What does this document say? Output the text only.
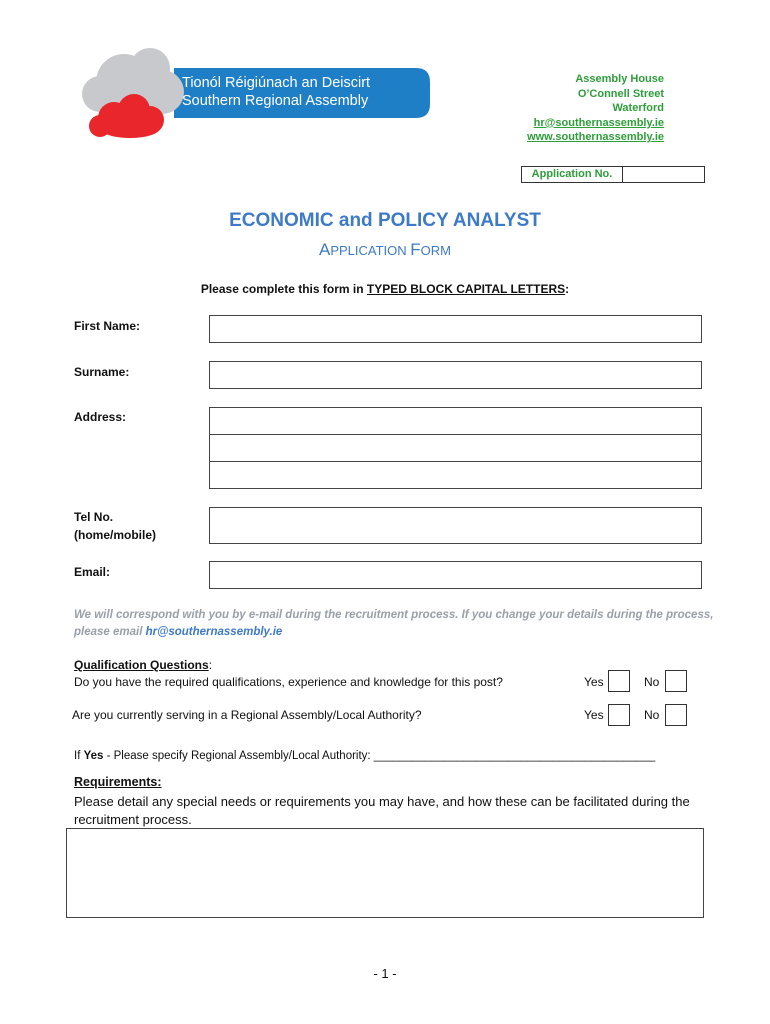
Tionól Réigiúnach an Deiscirt
Southern Regional Assembly
Assembly House
O’Connell Street
Waterford
hr@southernassembly.ie
www.southernassembly.ie
Application No.
ECONOMIC and POLICY ANALYST
APPLICATION FORM
Please complete this form in TYPED BLOCK CAPITAL LETTERS:
First Name:
Surname:
Address:
Tel No.
(home/mobile)
Email:
We will correspond with you by e-mail during the recruitment process. If you change your details during the process, please email hr@southernassembly.ie
Qualification Questions:
Do you have the required qualifications, experience and knowledge for this post?	Yes	No
Are you currently serving in a Regional Assembly/Local Authority?	Yes	No
If Yes - Please specify Regional Assembly/Local Authority: ____________________________________________
Requirements:
Please detail any special needs or requirements you may have, and how these can be facilitated during the recruitment process.
- 1 -
